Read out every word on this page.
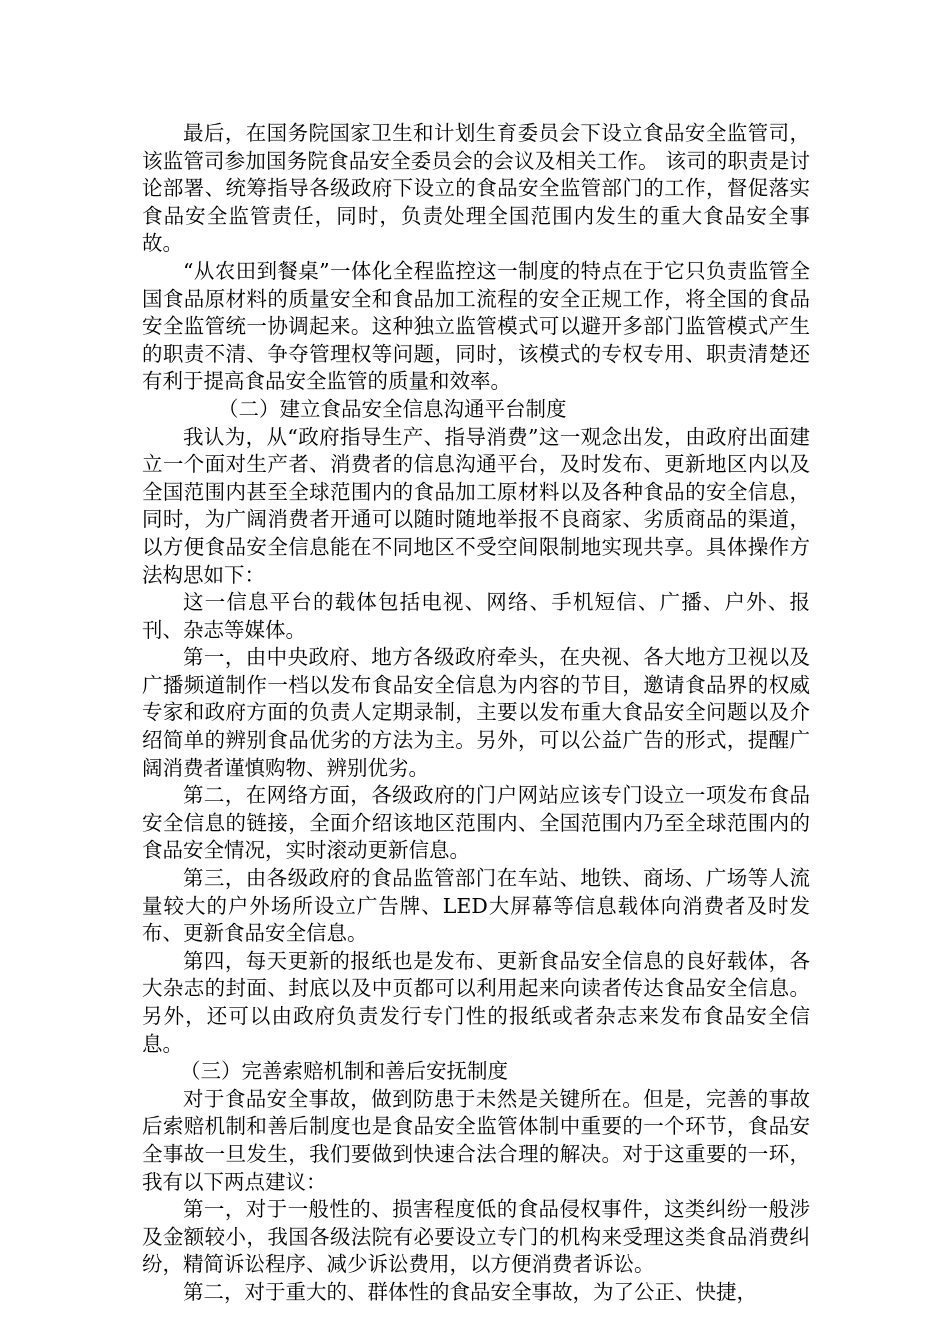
最后，在国务院国家卫生和计划生育委员会下设立食品安全监管司，该监管司参加国务院食品安全委员会的会议及相关工作。 该司的职责是讨论部署、统筹指导各级政府下设立的食品安全监管部门的工作，督促落实食品安全监管责任，同时，负责处理全国范围内发生的重大食品安全事故。

“从农田到餐桌”一体化全程监控这一制度的特点在于它只负责监管全国食品原材料的质量安全和食品加工流程的安全正规工作，将全国的食品安全监管统一协调起来。这种独立监管模式可以避开多部门监管模式产生的职责不清、争夺管理权等问题，同时，该模式的专权专用、职责清楚还有利于提高食品安全监管的质量和效率。

（二）建立食品安全信息沟通平台制度

我认为，从“政府指导生产、指导消费”这一观念出发，由政府出面建立一个面对生产者、消费者的信息沟通平台，及时发布、更新地区内以及全国范围内甚至全球范围内的食品加工原材料以及各种食品的安全信息，同时，为广阔消费者开通可以随时随地举报不良商家、劣质商品的渠道，以方便食品安全信息能在不同地区不受空间限制地实现共享。具体操作方法构思如下：

这一信息平台的载体包括电视、网络、手机短信、广播、户外、报刊、杂志等媒体。

第一，由中央政府、地方各级政府牵头，在央视、各大地方卫视以及广播频道制作一档以发布食品安全信息为内容的节目，邀请食品界的权威专家和政府方面的负责人定期录制，主要以发布重大食品安全问题以及介绍简单的辨别食品优劣的方法为主。另外，可以公益广告的形式，提醒广阔消费者谨慎购物、辨别优劣。

第二，在网络方面，各级政府的门户网站应该专门设立一项发布食品安全信息的链接，全面介绍该地区范围内、全国范围内乃至全球范围内的食品安全情况，实时滚动更新信息。

第三，由各级政府的食品监管部门在车站、地铁、商场、广场等人流量较大的户外场所设立广告牌、LED大屏幕等信息载体向消费者及时发布、更新食品安全信息。

第四，每天更新的报纸也是发布、更新食品安全信息的良好载体，各大杂志的封面、封底以及中页都可以利用起来向读者传达食品安全信息。另外，还可以由政府负责发行专门性的报纸或者杂志来发布食品安全信息。

（三）完善索赔机制和善后安抚制度

对于食品安全事故，做到防患于未然是关键所在。但是，完善的事故后索赔机制和善后制度也是食品安全监管体制中重要的一个环节，食品安全事故一旦发生，我们要做到快速合法合理的解决。对于这重要的一环，我有以下两点建议：

第一，对于一般性的、损害程度低的食品侵权事件，这类纠纷一般涉及金额较小，我国各级法院有必要设立专门的机构来受理这类食品消费纠纷，精简诉讼程序、减少诉讼费用，以方便消费者诉讼。

第二，对于重大的、群体性的食品安全事故，为了公正、快捷，
